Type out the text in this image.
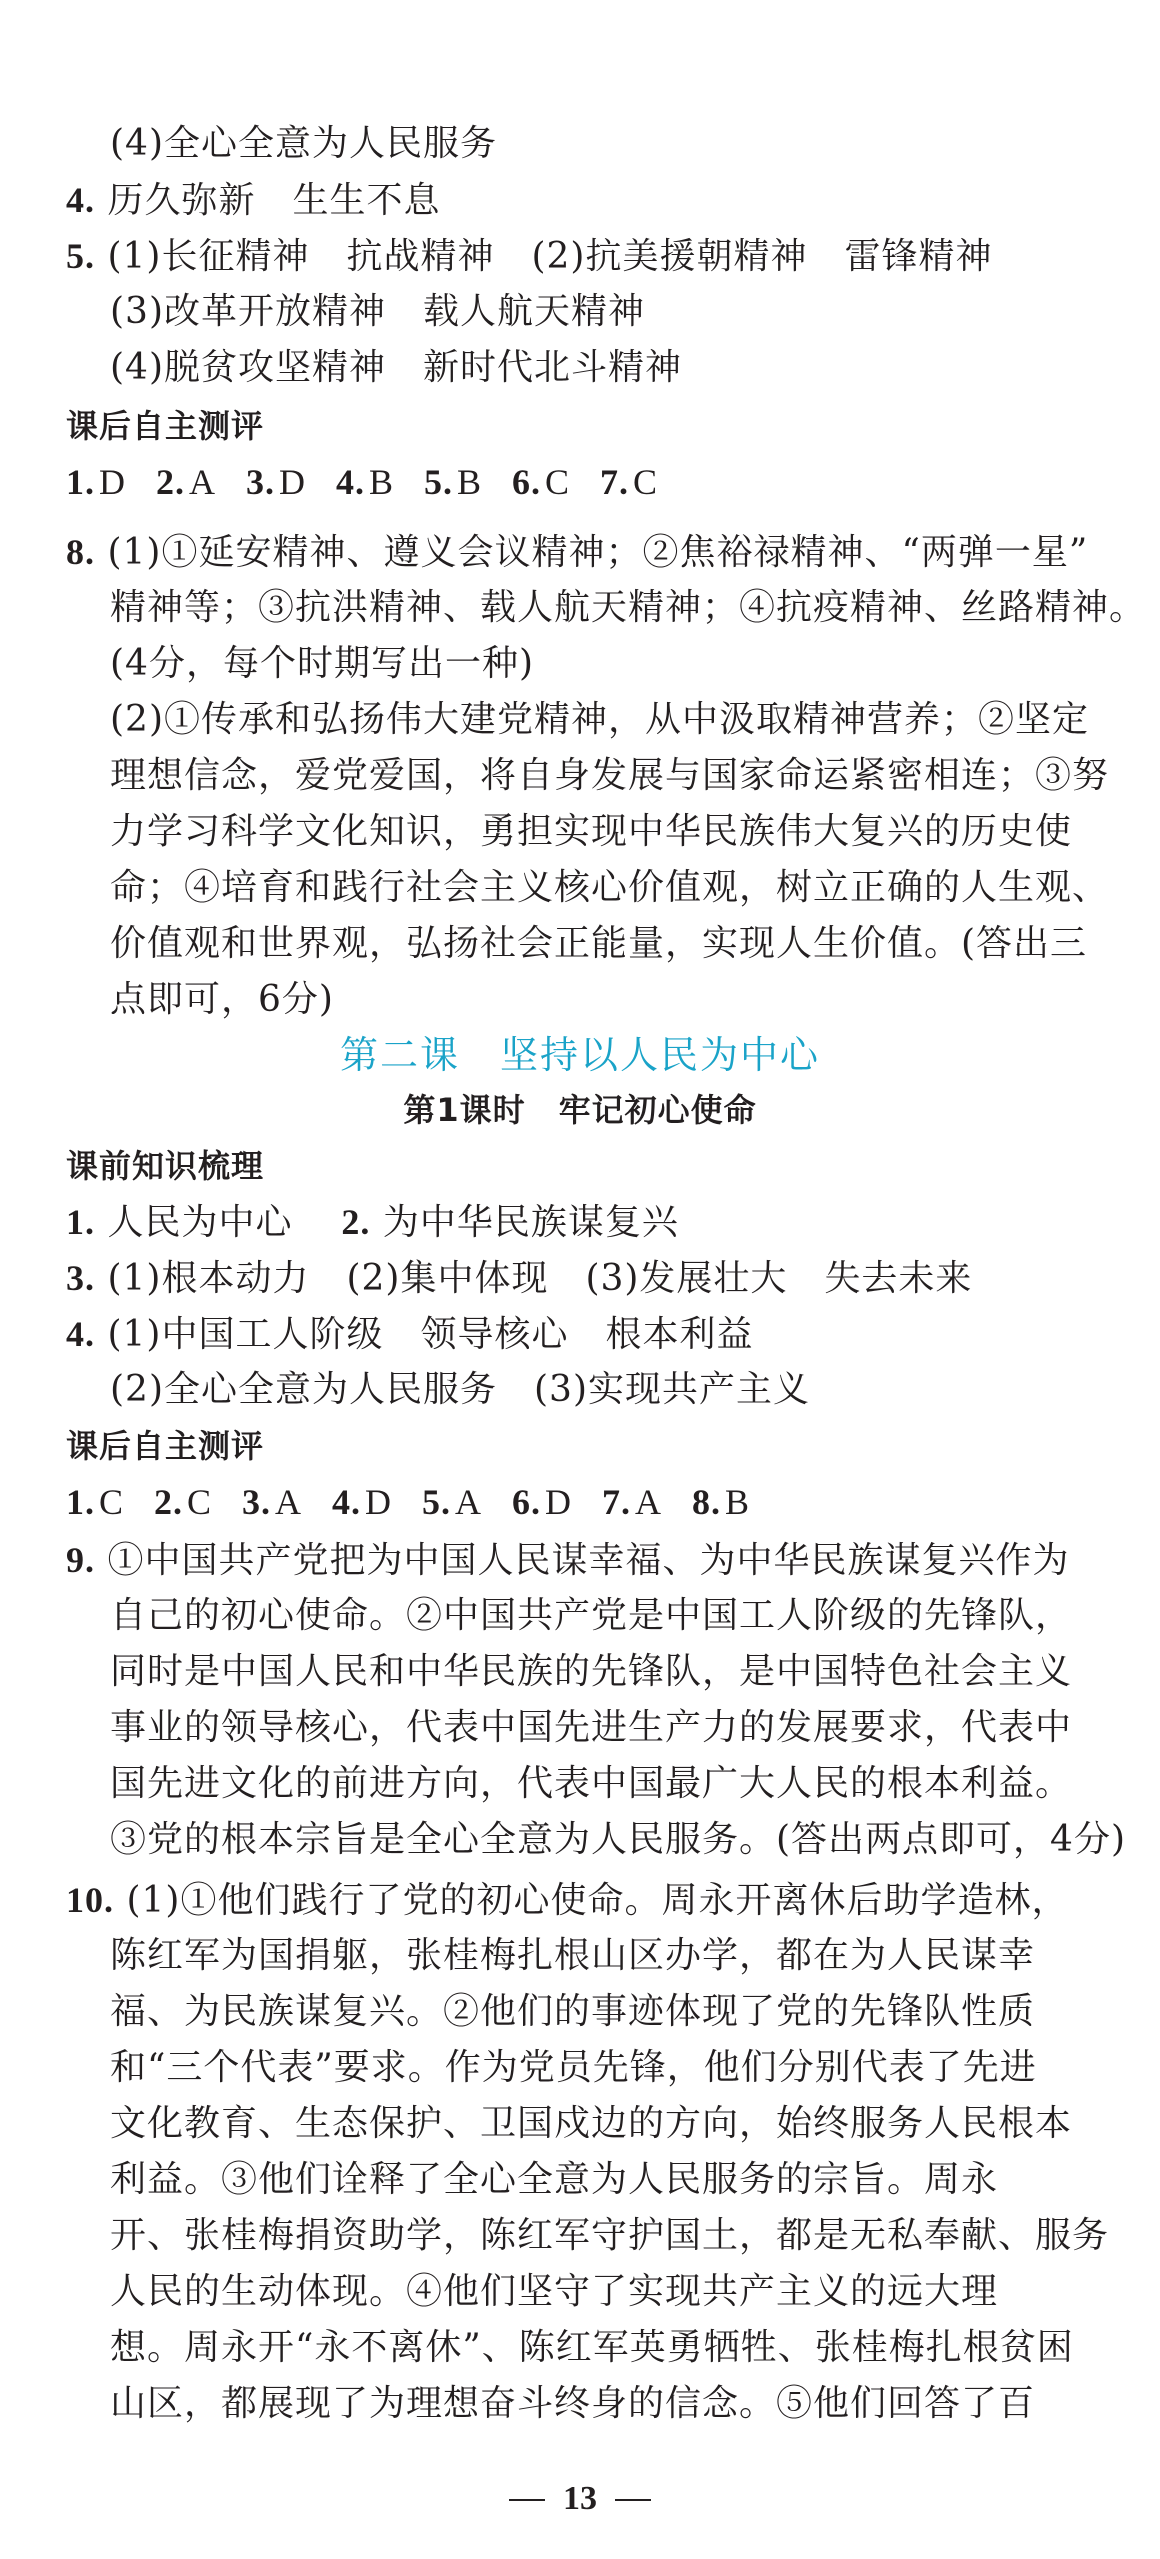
(4)全心全意为人民服务
4. 历久弥新　生生不息
5. (1)长征精神　抗战精神　(2)抗美援朝精神　雷锋精神
(3)改革开放精神　载人航天精神
(4)脱贫攻坚精神　新时代北斗精神
课后自主测评
1. D 2. A 3. D 4. B 5. B 6. C 7. C
8. (1)①延安精神、遵义会议精神；②焦裕禄精神、“两弹一星”
精神等；③抗洪精神、载人航天精神；④抗疫精神、丝路精神。
(4分，每个时期写出一种)
(2)①传承和弘扬伟大建党精神，从中汲取精神营养；②坚定
理想信念，爱党爱国，将自身发展与国家命运紧密相连；③努
力学习科学文化知识，勇担实现中华民族伟大复兴的历史使
命；④培育和践行社会主义核心价值观，树立正确的人生观、
价值观和世界观，弘扬社会正能量，实现人生价值。(答出三
点即可，6分)
第二课　坚持以人民为中心
第1课时　牢记初心使命
课前知识梳理
1. 人民为中心 2. 为中华民族谋复兴
3. (1)根本动力　(2)集中体现　(3)发展壮大　失去未来
4. (1)中国工人阶级　领导核心　根本利益
(2)全心全意为人民服务　(3)实现共产主义
课后自主测评
1. C 2. C 3. A 4. D 5. A 6. D 7. A 8. B
9. ①中国共产党把为中国人民谋幸福、为中华民族谋复兴作为
自己的初心使命。②中国共产党是中国工人阶级的先锋队，
同时是中国人民和中华民族的先锋队，是中国特色社会主义
事业的领导核心，代表中国先进生产力的发展要求，代表中
国先进文化的前进方向，代表中国最广大人民的根本利益。
③党的根本宗旨是全心全意为人民服务。(答出两点即可，4分)
10. (1)①他们践行了党的初心使命。周永开离休后助学造林，
陈红军为国捐躯，张桂梅扎根山区办学，都在为人民谋幸
福、为民族谋复兴。②他们的事迹体现了党的先锋队性质
和“三个代表”要求。作为党员先锋，他们分别代表了先进
文化教育、生态保护、卫国戍边的方向，始终服务人民根本
利益。③他们诠释了全心全意为人民服务的宗旨。周永
开、张桂梅捐资助学，陈红军守护国土，都是无私奉献、服务
人民的生动体现。④他们坚守了实现共产主义的远大理
想。周永开“永不离休”、陈红军英勇牺牲、张桂梅扎根贫困
山区，都展现了为理想奋斗终身的信念。⑤他们回答了百
13
